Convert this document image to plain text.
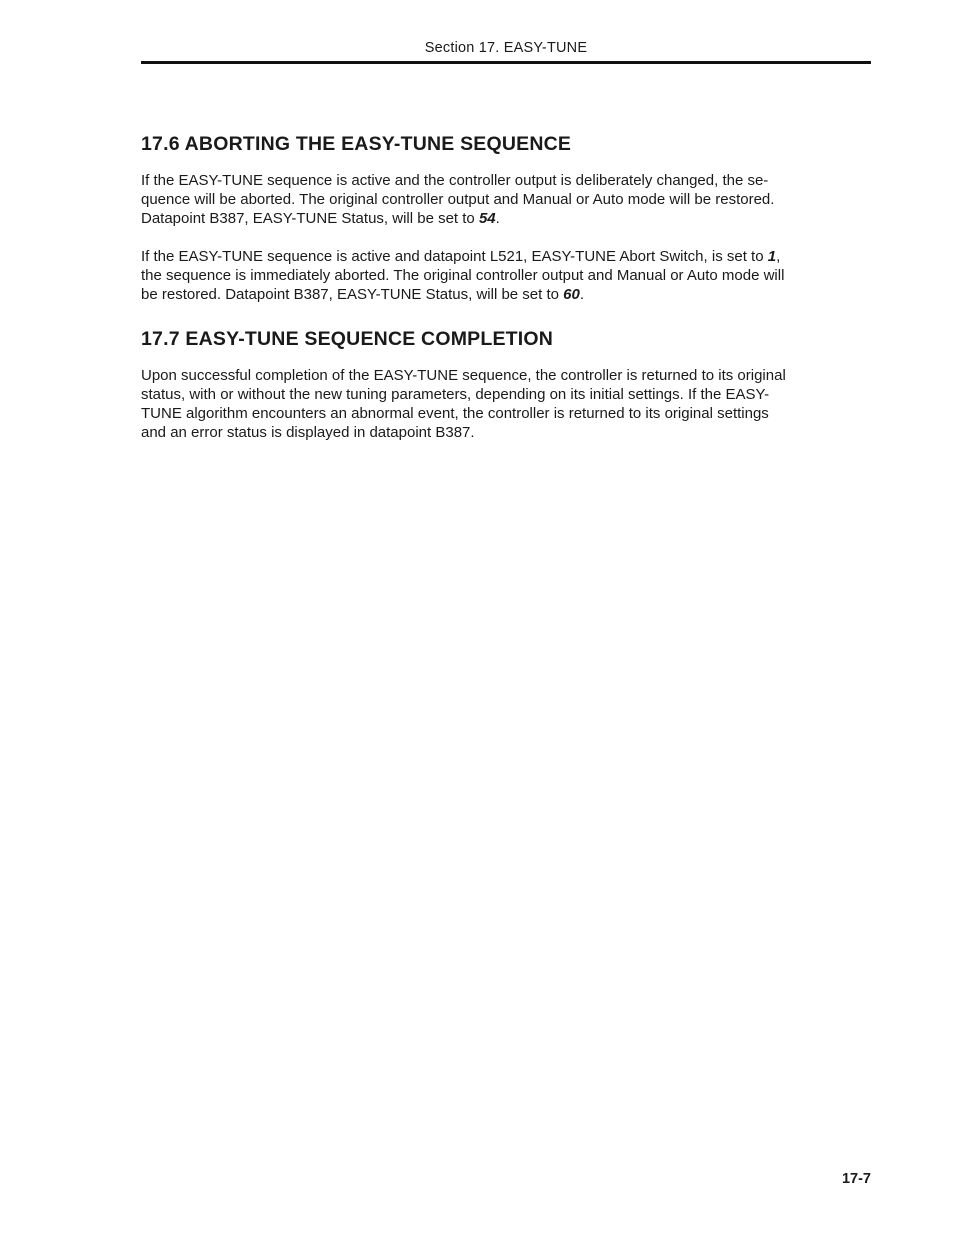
Section 17. EASY-TUNE
17.6 ABORTING THE EASY-TUNE SEQUENCE

If the EASY-TUNE sequence is active and the controller output is deliberately changed, the se-
quence will be aborted. The original controller output and Manual or Auto mode will be restored.
Datapoint B387, EASY-TUNE Status, will be set to 54.

If the EASY-TUNE sequence is active and datapoint L521, EASY-TUNE Abort Switch, is set to 1,
the sequence is immediately aborted. The original controller output and Manual or Auto mode will
be restored. Datapoint B387, EASY-TUNE Status, will be set to 60.

17.7 EASY-TUNE SEQUENCE COMPLETION

Upon successful completion of the EASY-TUNE sequence, the controller is returned to its original
status, with or without the new tuning parameters, depending on its initial settings. If the EASY-
TUNE algorithm encounters an abnormal event, the controller is returned to its original settings
and an error status is displayed in datapoint B387.

17-7
